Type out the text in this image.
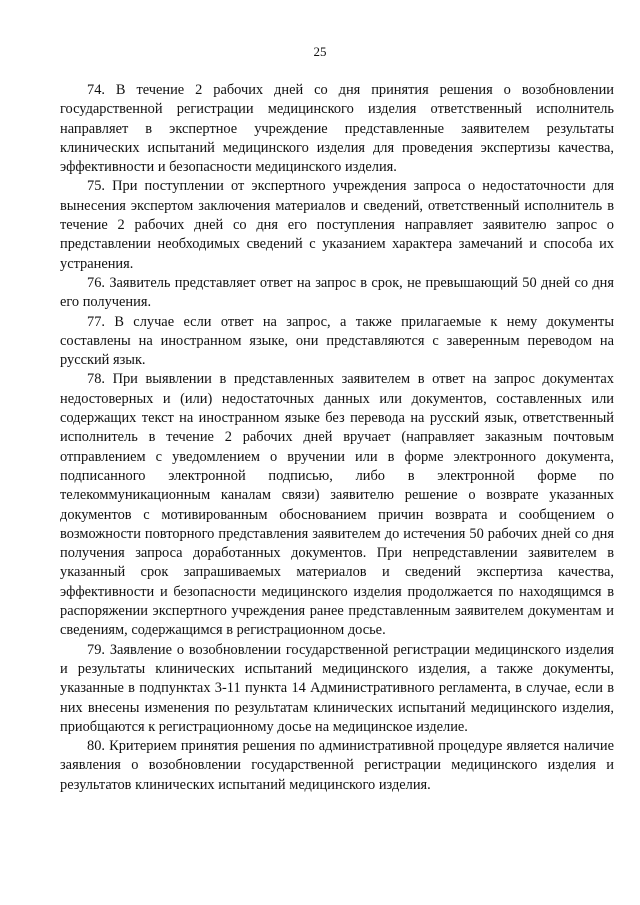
25

74. В течение 2 рабочих дней со дня принятия решения о возобновлении государственной регистрации медицинского изделия ответственный исполнитель направляет в экспертное учреждение представленные заявителем результаты клинических испытаний медицинского изделия для проведения экспертизы качества, эффективности и безопасности медицинского изделия.

75. При поступлении от экспертного учреждения запроса о недостаточности для вынесения экспертом заключения материалов и сведений, ответственный исполнитель в течение 2 рабочих дней со дня его поступления направляет заявителю запрос о представлении необходимых сведений с указанием характера замечаний и способа их устранения.

76. Заявитель представляет ответ на запрос в срок, не превышающий 50 дней со дня его получения.

77. В случае если ответ на запрос, а также прилагаемые к нему документы составлены на иностранном языке, они представляются с заверенным переводом на русский язык.

78. При выявлении в представленных заявителем в ответ на запрос документах недостоверных и (или) недостаточных данных или документов, составленных или содержащих текст на иностранном языке без перевода на русский язык, ответственный исполнитель в течение 2 рабочих дней вручает (направляет заказным почтовым отправлением с уведомлением о вручении или в форме электронного документа, подписанного электронной подписью, либо в электронной форме по телекоммуникационным каналам связи) заявителю решение о возврате указанных документов с мотивированным обоснованием причин возврата и сообщением о возможности повторного представления заявителем до истечения 50 рабочих дней со дня получения запроса доработанных документов. При непредставлении заявителем в указанный срок запрашиваемых материалов и сведений экспертиза качества, эффективности и безопасности медицинского изделия продолжается по находящимся в распоряжении экспертного учреждения ранее представленным заявителем документам и сведениям, содержащимся в регистрационном досье.

79. Заявление о возобновлении государственной регистрации медицинского изделия и результаты клинических испытаний медицинского изделия, а также документы, указанные в подпунктах 3-11 пункта 14 Административного регламента, в случае, если в них внесены изменения по результатам клинических испытаний медицинского изделия, приобщаются к регистрационному досье на медицинское изделие.

80. Критерием принятия решения по административной процедуре является наличие заявления о возобновлении государственной регистрации медицинского изделия и результатов клинических испытаний медицинского изделия.
